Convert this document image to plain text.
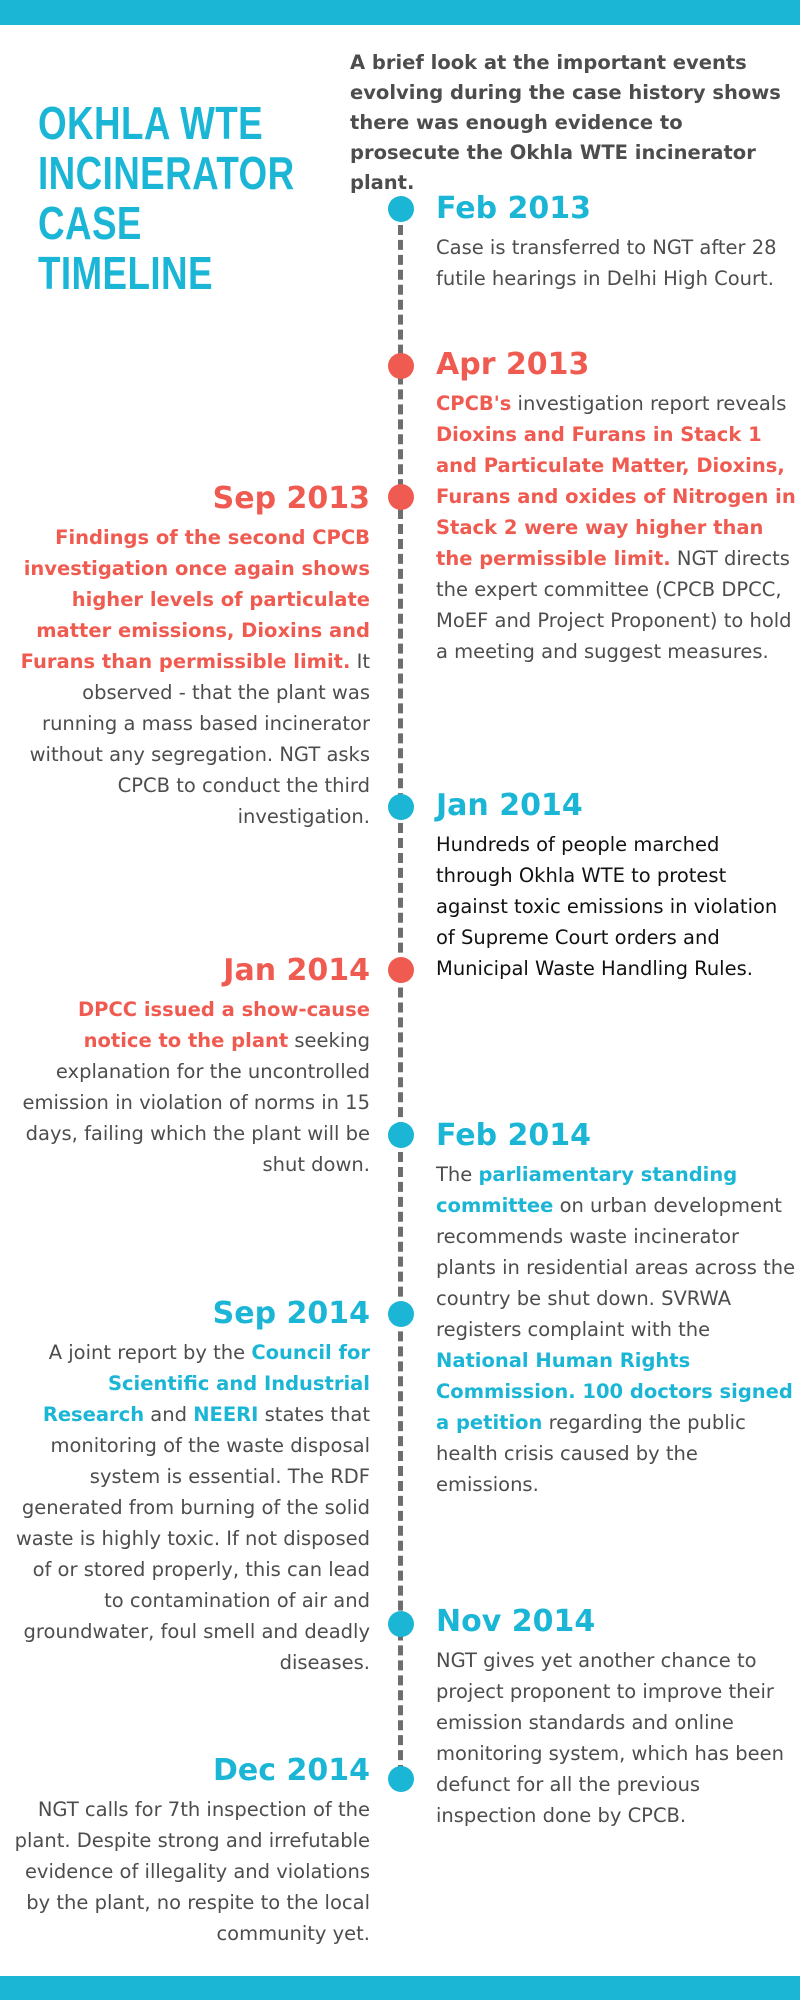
OKHLA WTE
INCINERATOR CASE
TIMELINE
A brief look at the important events evolving during the case history shows there was enough evidence to prosecute the Okhla WTE incinerator plant.
Feb 2013
Case is transferred to NGT after 28 futile hearings in Delhi High Court.
Apr 2013
CPCB's investigation report reveals Dioxins and Furans in Stack 1 and Particulate Matter, Dioxins, Furans and oxides of Nitrogen in Stack 2 were way higher than the permissible limit. NGT directs the expert committee (CPCB DPCC, MoEF and Project Proponent) to hold a meeting and suggest measures.
Sep 2013
Findings of the second CPCB investigation once again shows higher levels of particulate matter emissions, Dioxins and Furans than permissible limit. It observed - that the plant was running a mass based incinerator without any segregation. NGT asks CPCB to conduct the third investigation. Jan 2014
Hundreds of people marched through Okhla WTE to protest against toxic emissions in violation of Supreme Court orders and Municipal Waste Handling Rules.
Jan 2014
DPCC issued a show-cause notice to the plant seeking explanation for the uncontrolled emission in violation of norms in 15 days, failing which the plant will be shut down.
Feb 2014
The parliamentary standing committee on urban development recommends waste incinerator plants in residential areas across the country be shut down. SVRWA registers complaint with the National Human Rights Commission. 100 doctors signed a petition regarding the public health crisis caused by the emissions.
Sep 2014
A joint report by the Council for Scientific and Industrial Research and NEERI states that monitoring of the waste disposal system is essential. The RDF generated from burning of the solid waste is highly toxic. If not disposed of or stored properly, this can lead to contamination of air and groundwater, foul smell and deadly diseases.
Nov 2014
NGT gives yet another chance to project proponent to improve their emission standards and online monitoring system, which has been defunct for all the previous inspection done by CPCB.
Dec 2014
NGT calls for 7th inspection of the plant. Despite strong and irrefutable evidence of illegality and violations by the plant, no respite to the local community yet.
